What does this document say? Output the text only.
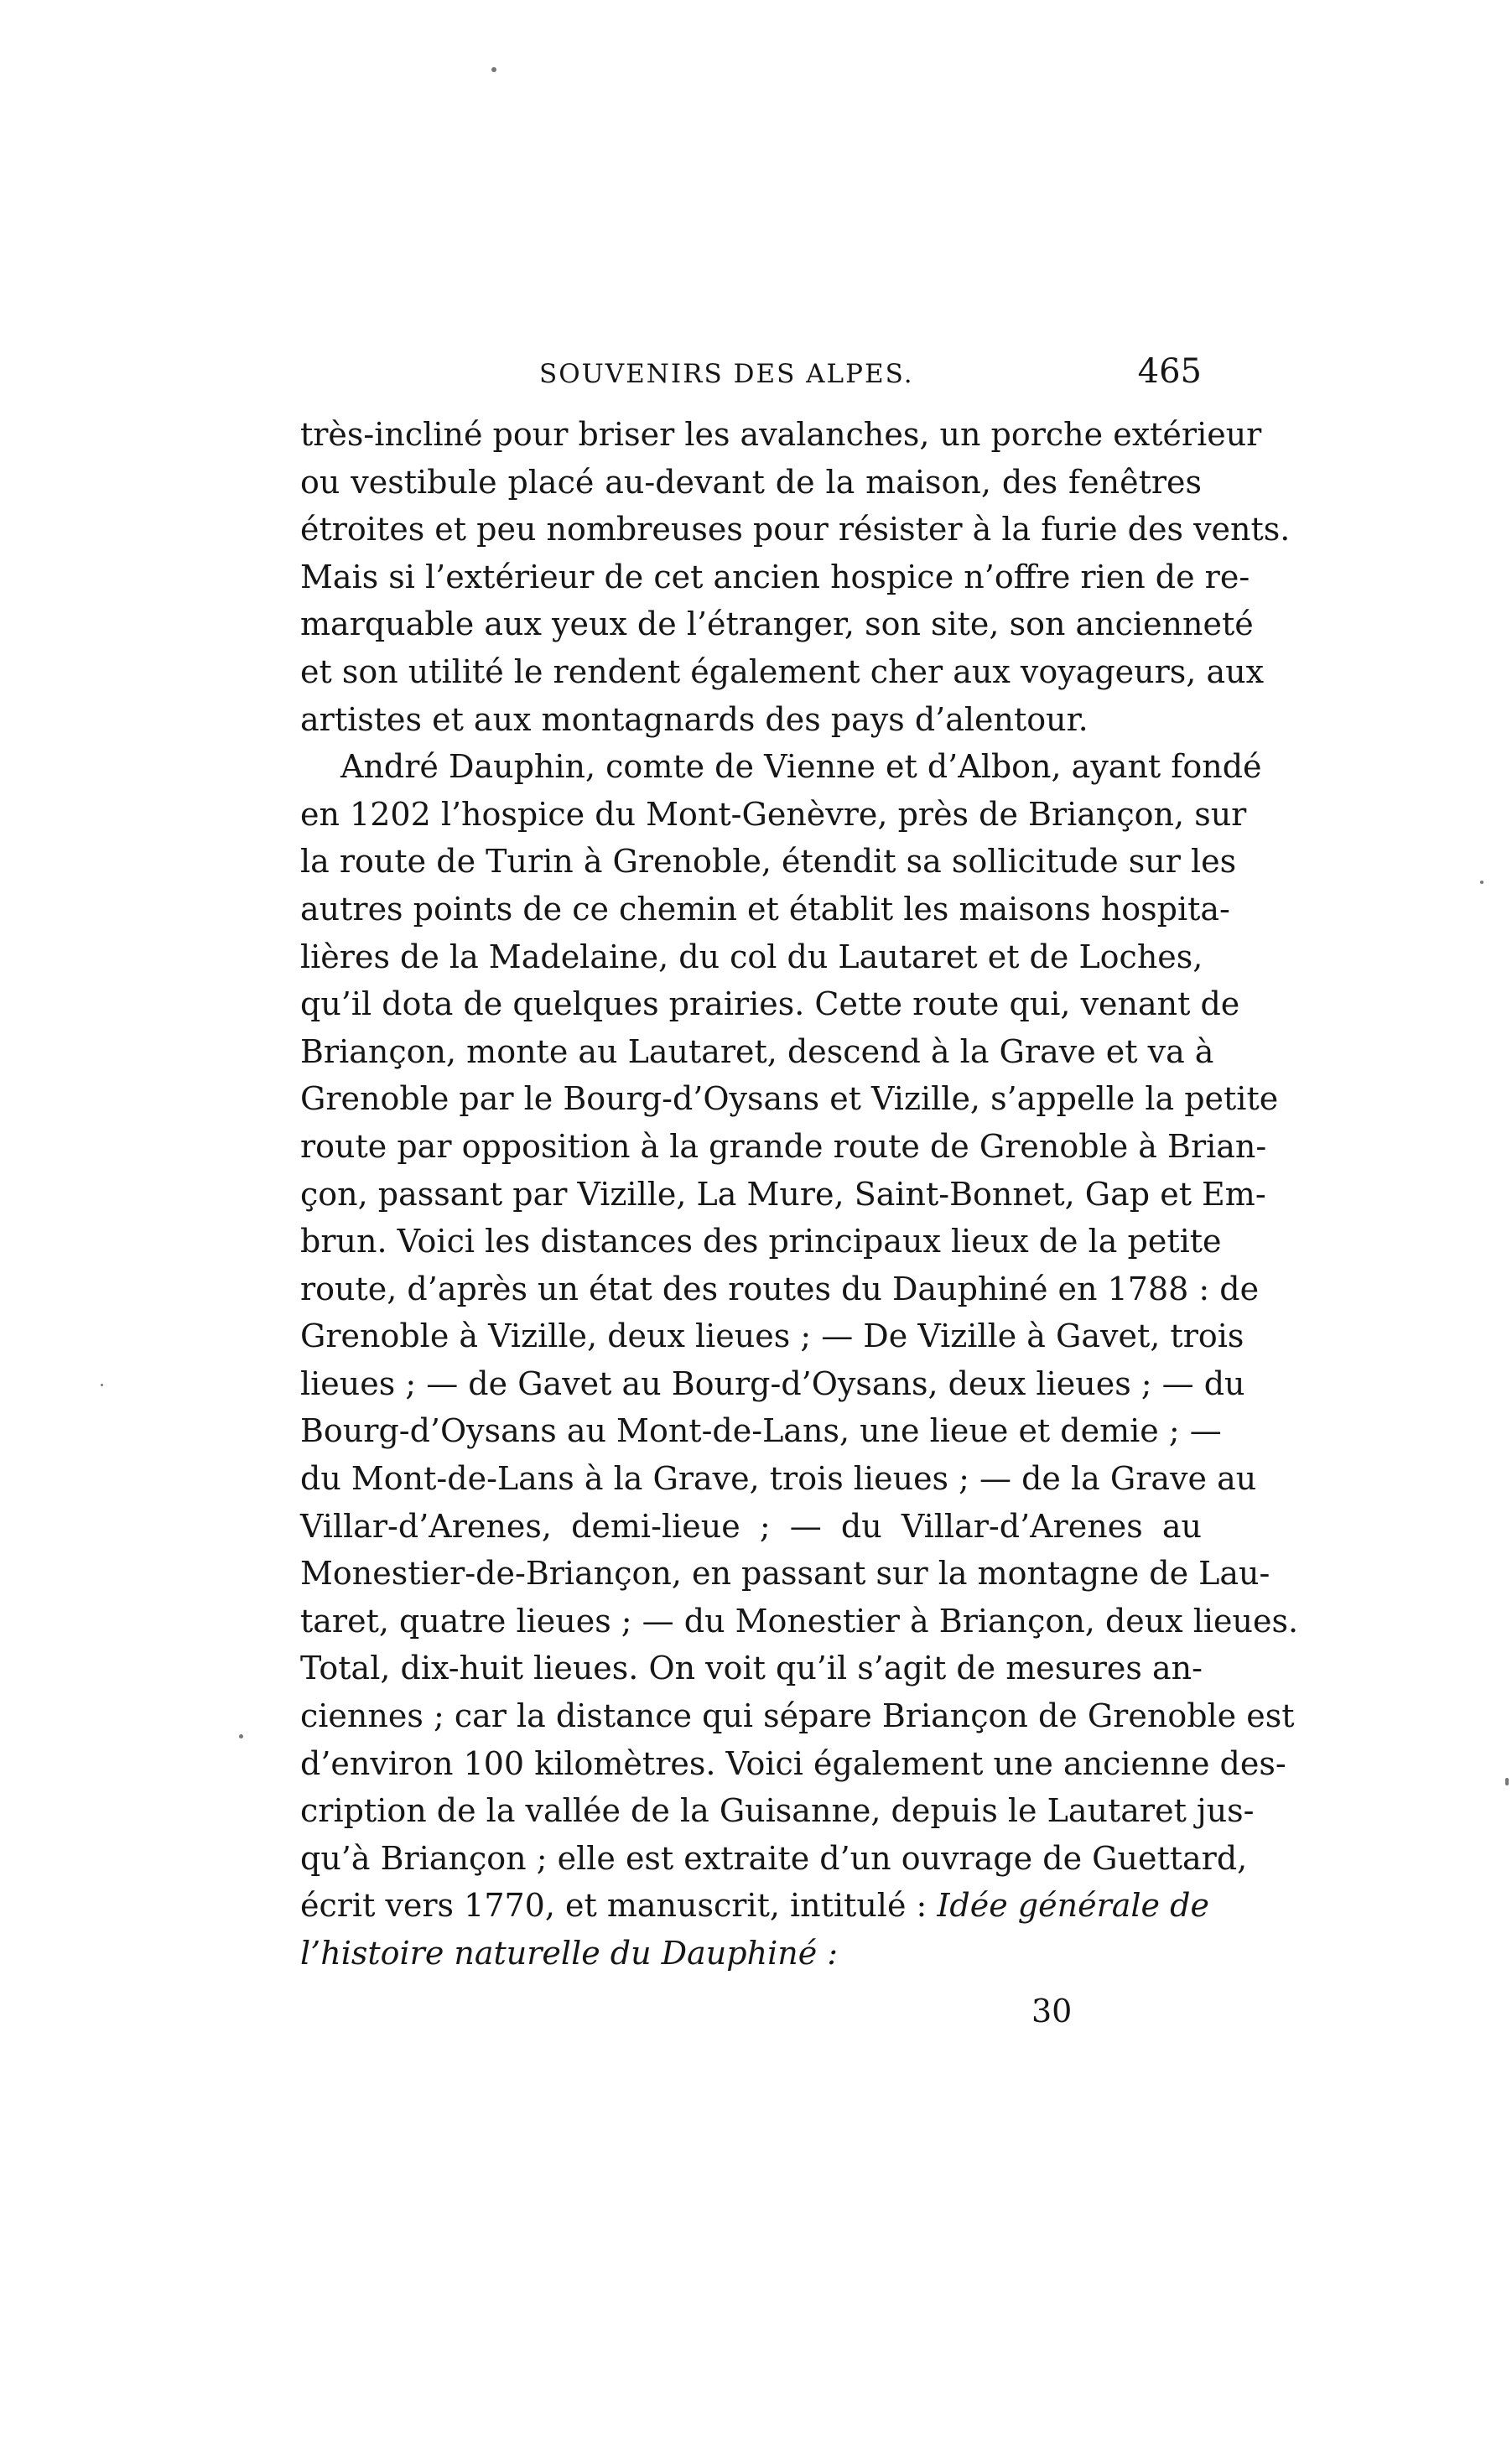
SOUVENIRS DES ALPES.	465
très-incliné pour briser les avalanches, un porche extérieur
ou vestibule placé au-devant de la maison, des fenêtres
étroites et peu nombreuses pour résister à la furie des vents.
Mais si l’extérieur de cet ancien hospice n’offre rien de re-
marquable aux yeux de l’étranger, son site, son ancienneté
et son utilité le rendent également cher aux voyageurs, aux
artistes et aux montagnards des pays d’alentour.
André Dauphin, comte de Vienne et d’Albon, ayant fondé
en 1202 l’hospice du Mont-Genèvre, près de Briançon, sur
la route de Turin à Grenoble, étendit sa sollicitude sur les
autres points de ce chemin et établit les maisons hospita-
lières de la Madelaine, du col du Lautaret et de Loches,
qu’il dota de quelques prairies. Cette route qui, venant de
Briançon, monte au Lautaret, descend à la Grave et va à
Grenoble par le Bourg-d’Oysans et Vizille, s’appelle la petite
route par opposition à la grande route de Grenoble à Brian-
çon, passant par Vizille, La Mure, Saint-Bonnet, Gap et Em-
brun. Voici les distances des principaux lieux de la petite
route, d’après un état des routes du Dauphiné en 1788 : de
Grenoble à Vizille, deux lieues ; — De Vizille à Gavet, trois
lieues ; — de Gavet au Bourg-d’Oysans, deux lieues ; — du
Bourg-d’Oysans au Mont-de-Lans, une lieue et demie ; —
du Mont-de-Lans à la Grave, trois lieues ; — de la Grave au
Villar-d’Arenes, demi-lieue ; — du Villar-d’Arenes au
Monestier-de-Briançon, en passant sur la montagne de Lau-
taret, quatre lieues ; — du Monestier à Briançon, deux lieues.
Total, dix-huit lieues. On voit qu’il s’agit de mesures an-
ciennes ; car la distance qui sépare Briançon de Grenoble est
d’environ 100 kilomètres. Voici également une ancienne des-
cription de la vallée de la Guisanne, depuis le Lautaret jus-
qu’à Briançon ; elle est extraite d’un ouvrage de Guettard,
écrit vers 1770, et manuscrit, intitulé : Idée générale de
l’histoire naturelle du Dauphiné :
30
